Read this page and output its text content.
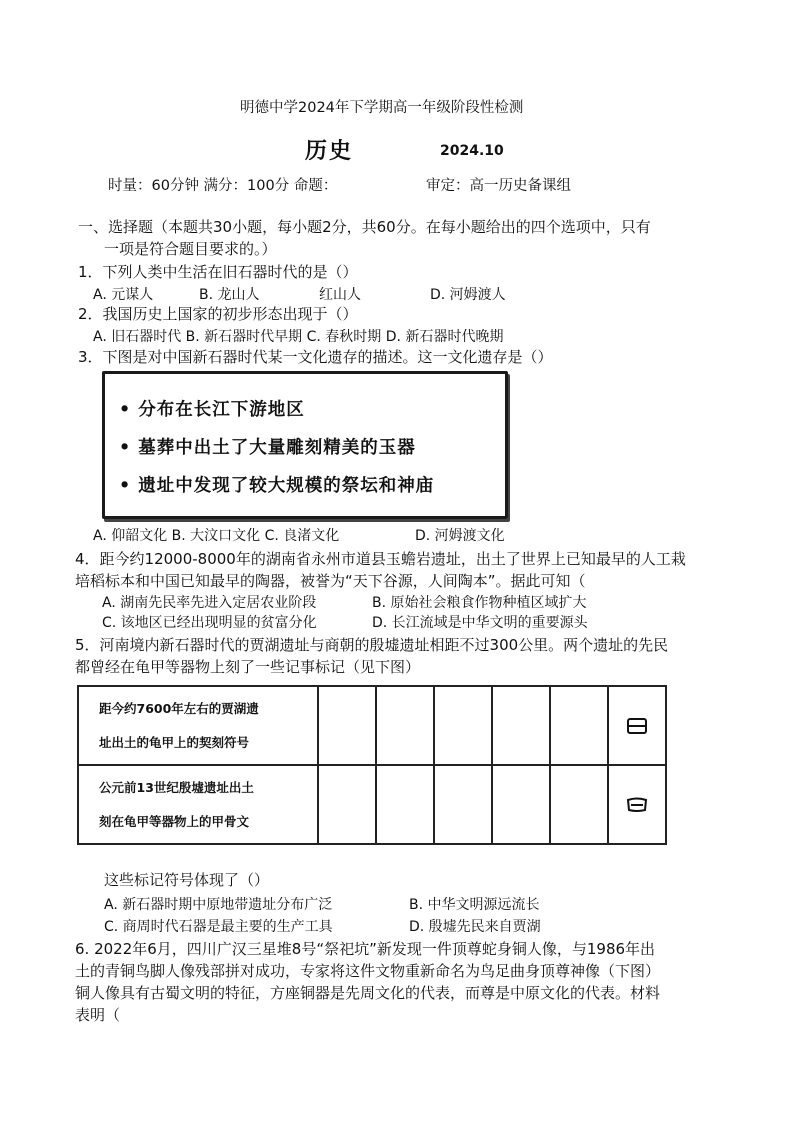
明德中学2024年下学期高一年级阶段性检测
历史	2024.10
时量：60分钟 满分：100分 命题：	审定：高一历史备课组
一、选择题（本题共30小题，每小题2分，共60分。在每小题给出的四个选项中，只有
一项是符合题目要求的。）
1．下列人类中生活在旧石器时代的是（）
A. 元谋人	B. 龙山人	红山人	D. 河姆渡人
2．我国历史上国家的初步形态出现于（）
A. 旧石器时代 B. 新石器时代早期 C. 春秋时期 D. 新石器时代晚期
3．下图是对中国新石器时代某一文化遗存的描述。这一文化遗存是（）
• 分布在长江下游地区
• 墓葬中出土了大量雕刻精美的玉器
• 遗址中发现了较大规模的祭坛和神庙
A. 仰韶文化 B. 大汶口文化 C. 良渚文化	D. 河姆渡文化
4．距今约12000-8000年的湖南省永州市道县玉蟾岩遗址，出土了世界上已知最早的人工栽
培稻标本和中国已知最早的陶器，被誉为“天下谷源，人间陶本”。据此可知（
A. 湖南先民率先进入定居农业阶段	B. 原始社会粮食作物种植区域扩大
C. 该地区已经出现明显的贫富分化	D. 长江流域是中华文明的重要源头
5．河南境内新石器时代的贾湖遗址与商朝的殷墟遗址相距不过300公里。两个遗址的先民
都曾经在龟甲等器物上刻了一些记事标记（见下图）
距今约7600年左右的贾湖遗
址出土的龟甲上的契刻符号

公元前13世纪殷墟遗址出土
刻在龟甲等器物上的甲骨文

这些标记符号体现了（）
A. 新石器时期中原地带遗址分布广泛	B. 中华文明源远流长
C. 商周时代石器是最主要的生产工具	D. 殷墟先民来自贾湖
6. 2022年6月，四川广汉三星堆8号“祭祀坑”新发现一件顶尊蛇身铜人像，与1986年出
土的青铜鸟脚人像残部拼对成功，专家将这件文物重新命名为鸟足曲身顶尊神像（下图）
铜人像具有古蜀文明的特征，方座铜器是先周文化的代表，而尊是中原文化的代表。材料
表明（
